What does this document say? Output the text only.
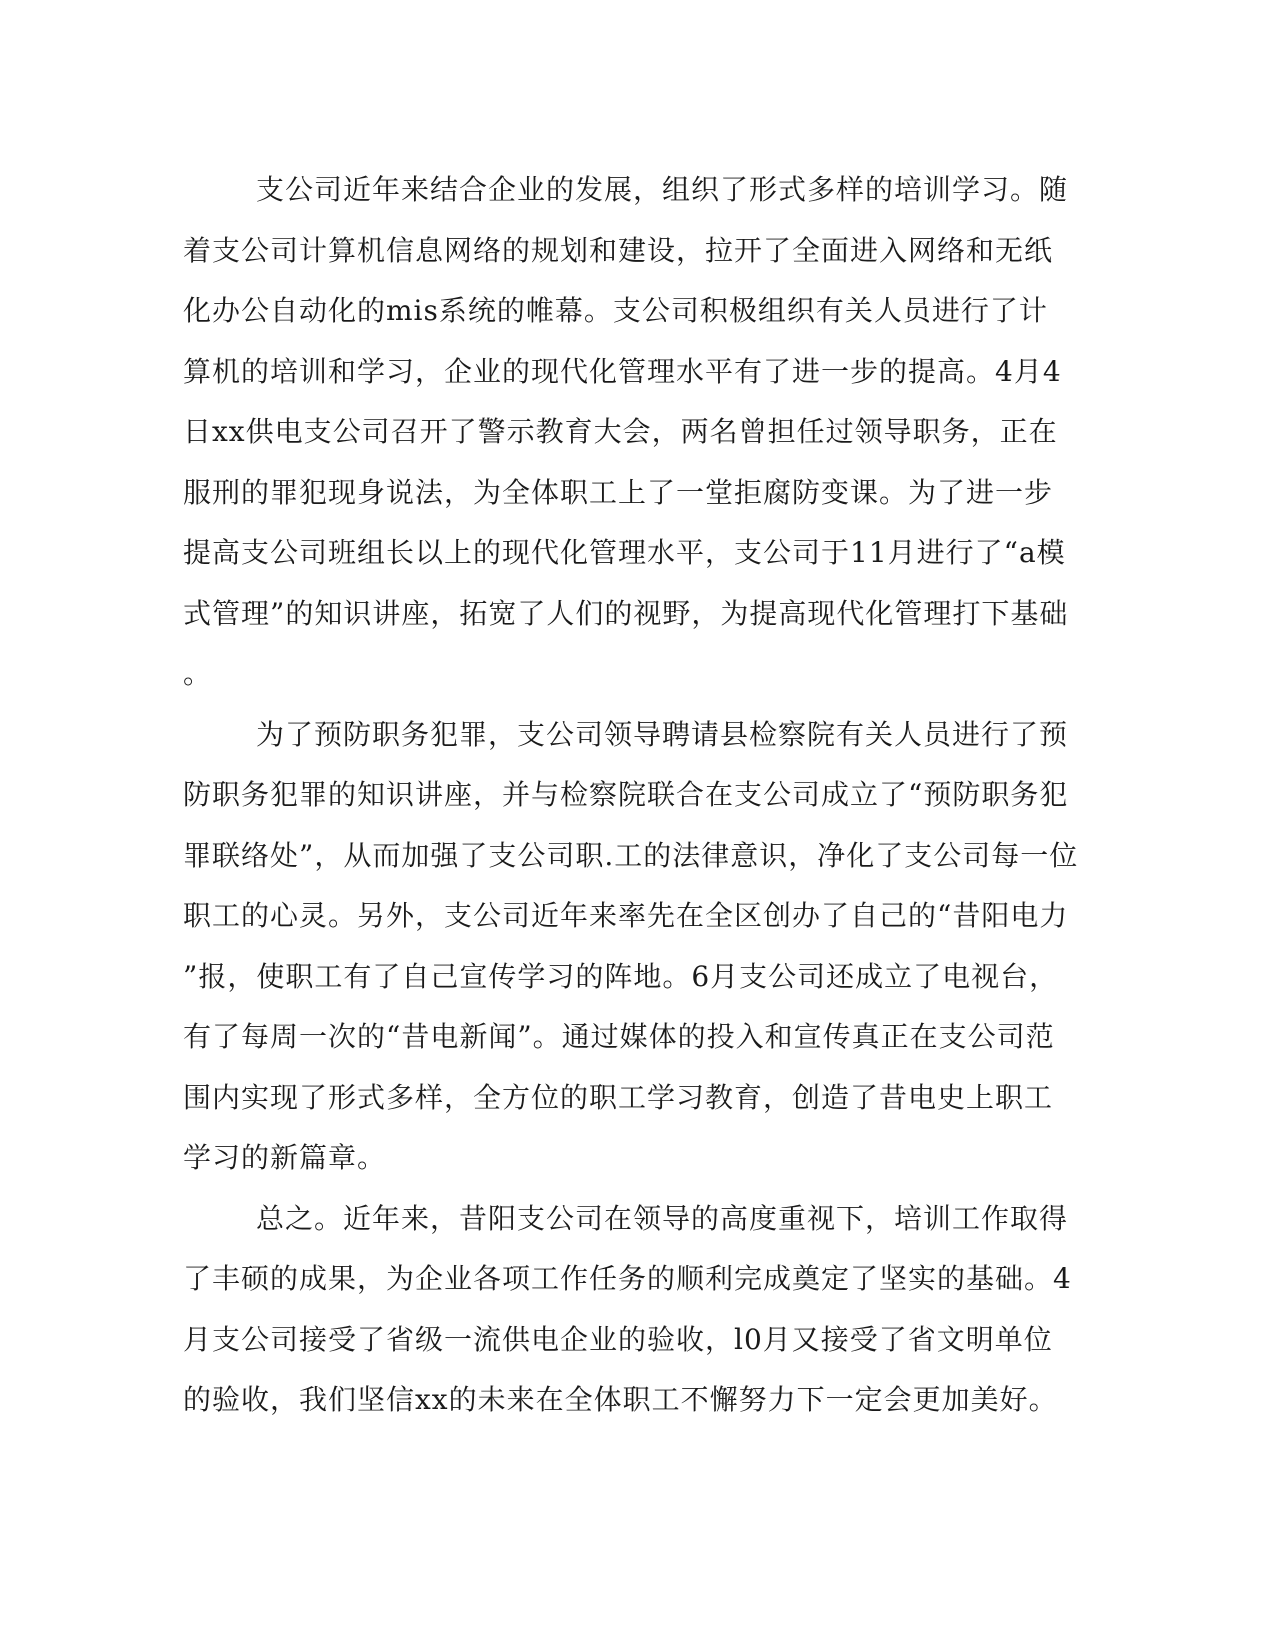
支公司近年来结合企业的发展，组织了形式多样的培训学习。随
着支公司计算机信息网络的规划和建设，拉开了全面进入网络和无纸
化办公自动化的mis系统的帷幕。支公司积极组织有关人员进行了计
算机的培训和学习，企业的现代化管理水平有了进一步的提高。4月4
日xx供电支公司召开了警示教育大会，两名曾担任过领导职务，正在
服刑的罪犯现身说法，为全体职工上了一堂拒腐防变课。为了进一步
提高支公司班组长以上的现代化管理水平，支公司于11月进行了“a模
式管理”的知识讲座，拓宽了人们的视野，为提高现代化管理打下基础
。
为了预防职务犯罪，支公司领导聘请县检察院有关人员进行了预
防职务犯罪的知识讲座，并与检察院联合在支公司成立了“预防职务犯
罪联络处”，从而加强了支公司职.工的法律意识，净化了支公司每一位
职工的心灵。另外，支公司近年来率先在全区创办了自己的“昔阳电力
”报，使职工有了自己宣传学习的阵地。6月支公司还成立了电视台，
有了每周一次的“昔电新闻”。通过媒体的投入和宣传真正在支公司范
围内实现了形式多样，全方位的职工学习教育，创造了昔电史上职工
学习的新篇章。
总之。近年来，昔阳支公司在领导的高度重视下，培训工作取得
了丰硕的成果，为企业各项工作任务的顺利完成奠定了坚实的基础。4
月支公司接受了省级一流供电企业的验收，l0月又接受了省文明单位
的验收，我们坚信xx的未来在全体职工不懈努力下一定会更加美好。
